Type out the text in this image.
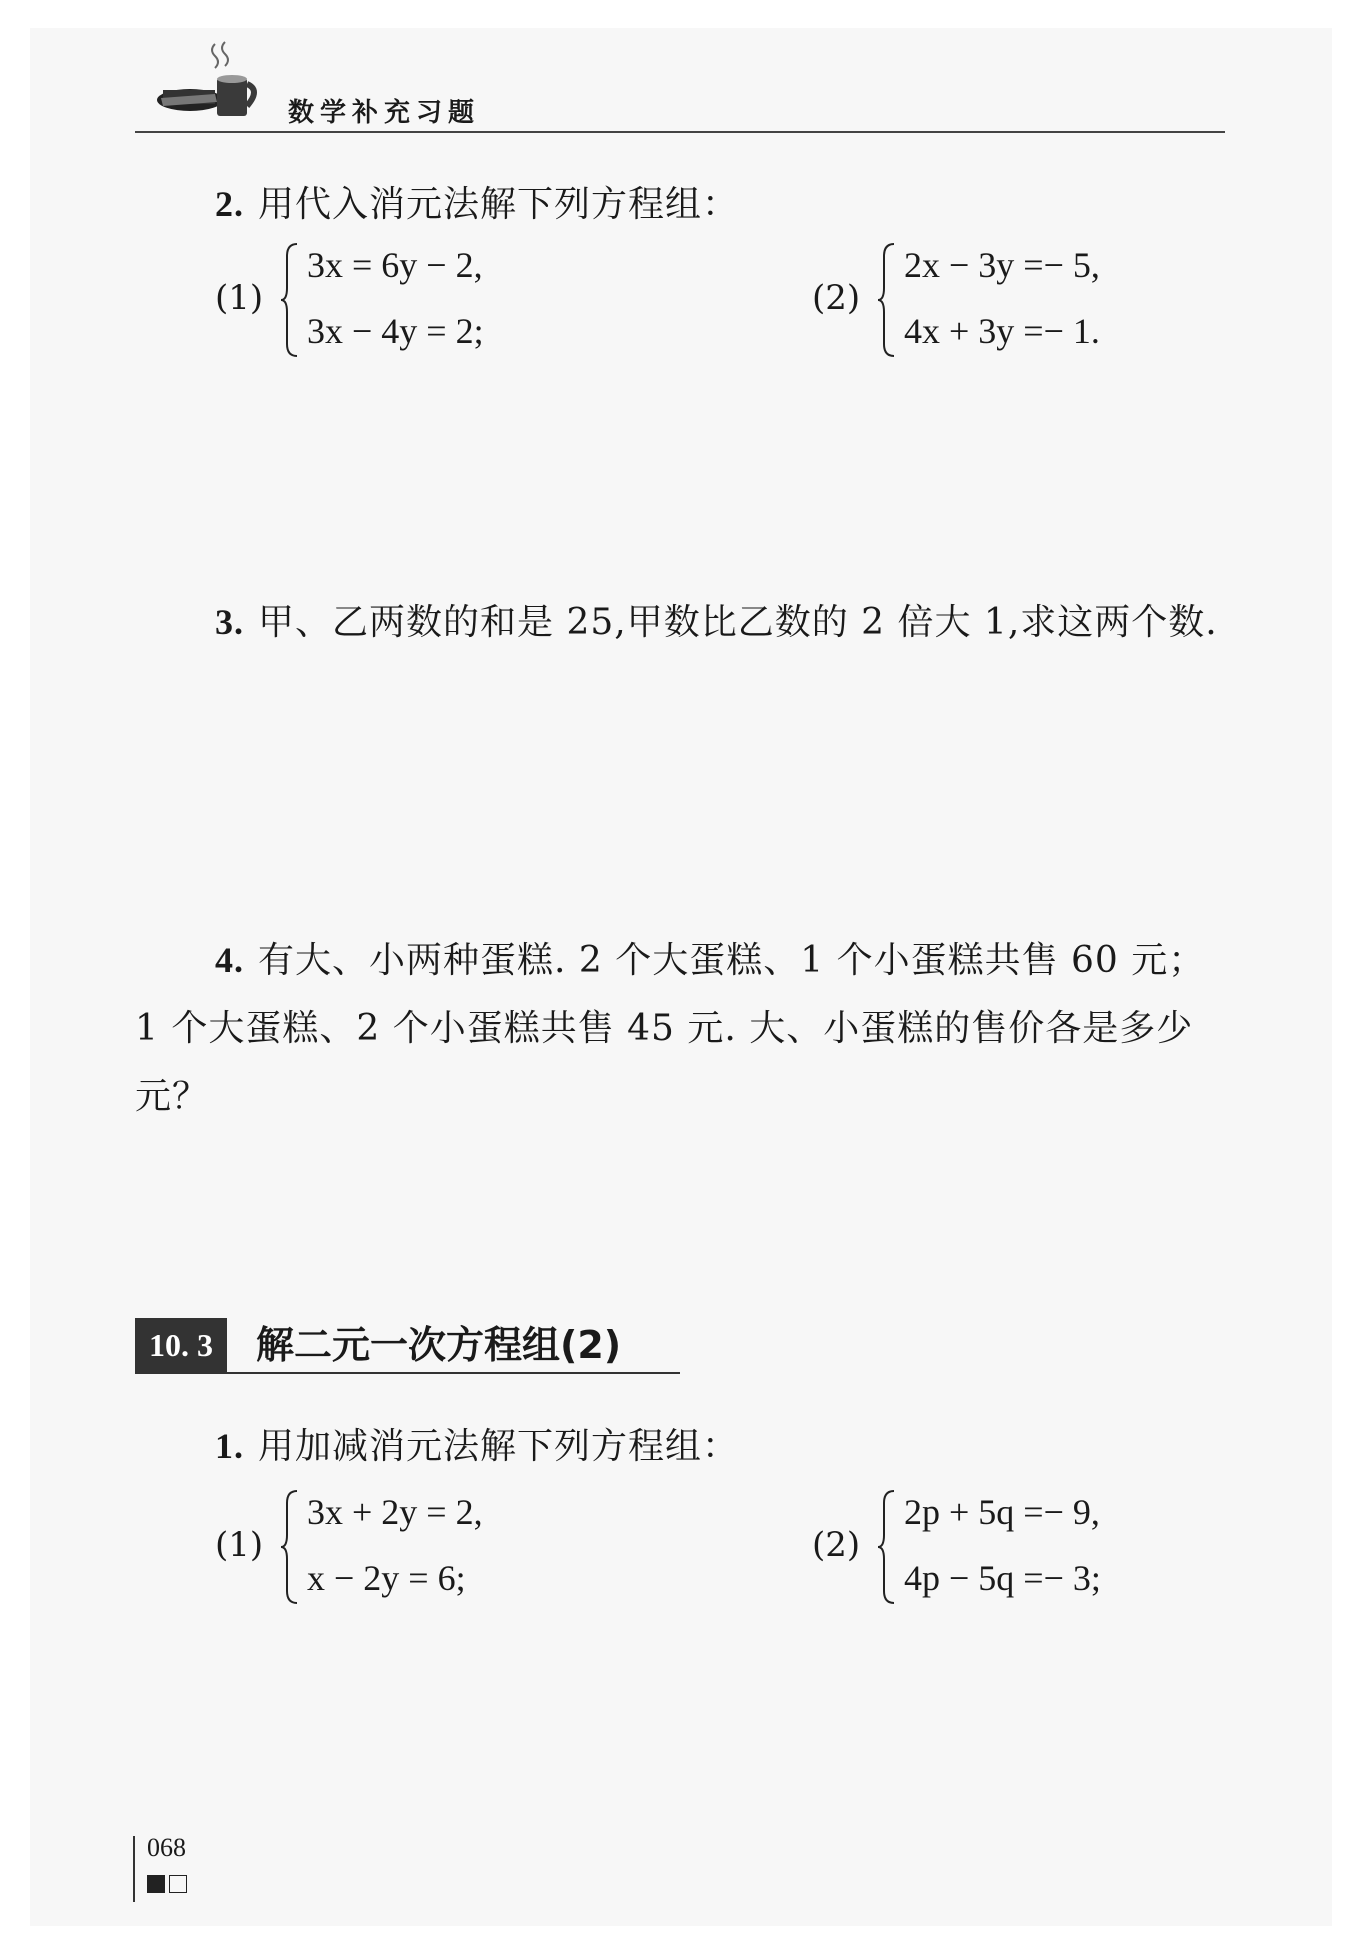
数学补充习题
2. 用代入消元法解下列方程组：
(1)
3x = 6y − 2,
3x − 4y = 2;
(2)
2x − 3y =− 5,
4x + 3y =− 1.
3. 甲、乙两数的和是 25,甲数比乙数的 2 倍大 1,求这两个数.
4. 有大、小两种蛋糕. 2 个大蛋糕、1 个小蛋糕共售 60 元；1 个大蛋糕、2 个小蛋糕共售 45 元. 大、小蛋糕的售价各是多少元？
10. 3	解二元一次方程组(2)
1. 用加减消元法解下列方程组：
(1)
3x + 2y = 2,
x − 2y = 6;
(2)
2p + 5q =− 9,
4p − 5q =− 3;
068
